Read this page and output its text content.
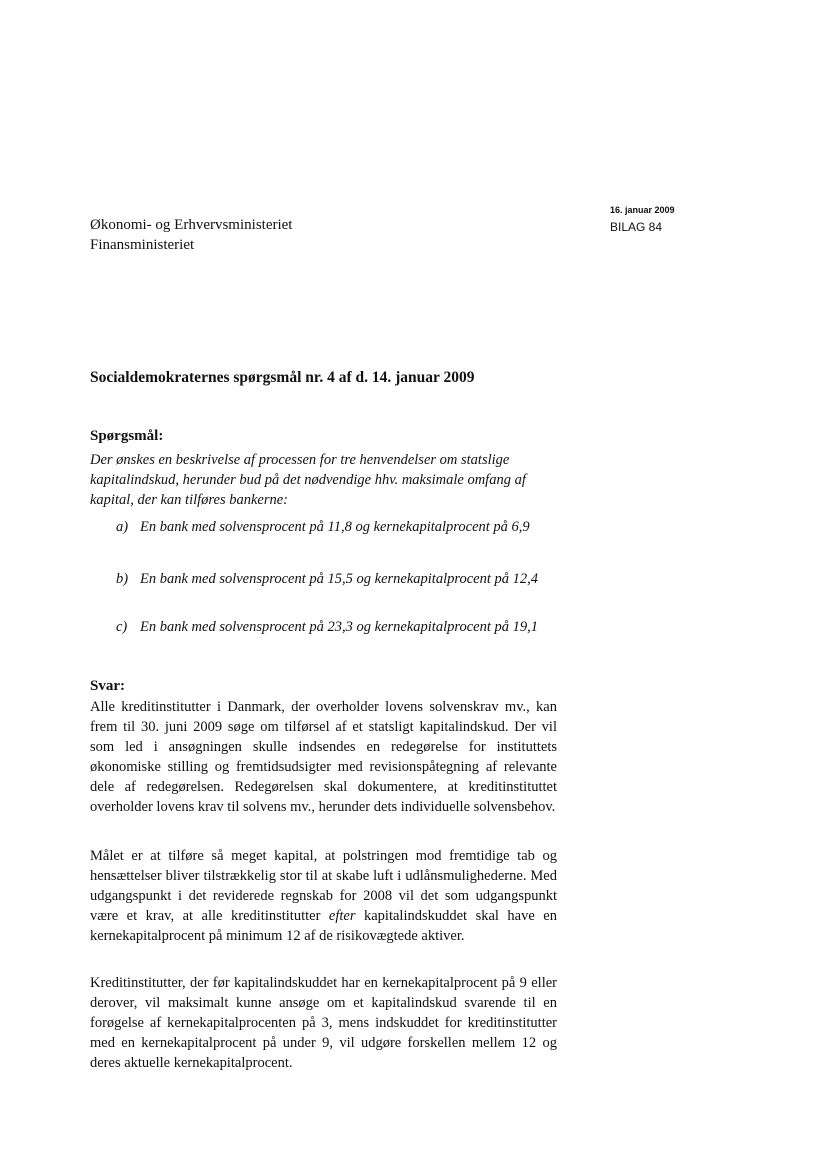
Økonomi- og Erhvervsministeriet
Finansministeriet
16. januar 2009
BILAG 84
Socialdemokraternes spørgsmål nr. 4 af d. 14. januar 2009
Spørgsmål:
Der ønskes en beskrivelse af processen for tre henvendelser om statslige kapitalindskud, herunder bud på det nødvendige hhv. maksimale omfang af kapital, der kan tilføres bankerne:
a) En bank med solvensprocent på 11,8 og kernekapitalprocent på 6,9
b) En bank med solvensprocent på 15,5 og kernekapitalprocent på 12,4
c) En bank med solvensprocent på 23,3 og kernekapitalprocent på 19,1
Svar:
Alle kreditinstitutter i Danmark, der overholder lovens solvenskrav mv., kan frem til 30. juni 2009 søge om tilførsel af et statsligt kapitalindskud. Der vil som led i ansøgningen skulle indsendes en redegørelse for instituttets økonomiske stilling og fremtidsudsigter med revisionspåtegning af relevante dele af redegørelsen. Redegørelsen skal dokumentere, at kreditinstituttet overholder lovens krav til solvens mv., herunder dets individuelle solvensbehov.
Målet er at tilføre så meget kapital, at polstringen mod fremtidige tab og hensættelser bliver tilstrækkelig stor til at skabe luft i udlånsmulighederne. Med udgangspunkt i det reviderede regnskab for 2008 vil det som udgangspunkt være et krav, at alle kreditinstitutter efter kapitalindskuddet skal have en kernekapitalprocent på minimum 12 af de risikovægtede aktiver.
Kreditinstitutter, der før kapitalindskuddet har en kernekapitalprocent på 9 eller derover, vil maksimalt kunne ansøge om et kapitalindskud svarende til en forøgelse af kernekapitalprocenten på 3, mens indskuddet for kreditinstitutter med en kernekapitalprocent på under 9, vil udgøre forskellen mellem 12 og deres aktuelle kernekapitalprocent.
